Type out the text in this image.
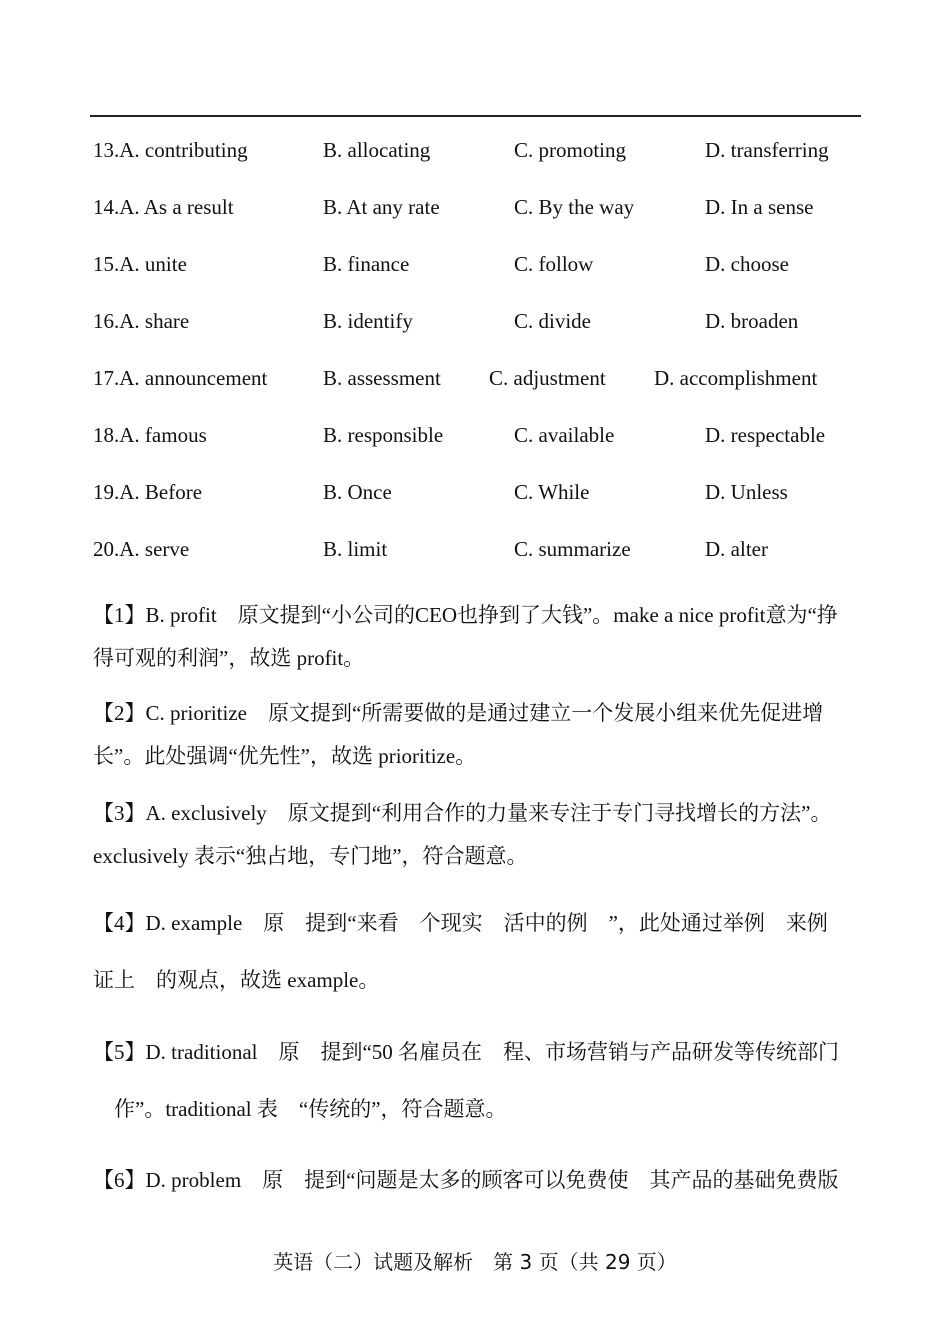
13.A. contributing	B. allocating	C. promoting	D. transferring
14.A. As a result	B. At any rate	C. By the way	D. In a sense
15.A. unite	B. finance	C. follow	D. choose
16.A. share	B. identify	C. divide	D. broaden
17.A. announcement	B. assessment C. adjustment D. accomplishment
18.A. famous	B. responsible	C. available	D. respectable
19.A. Before	B. Once	C. While	D. Unless
20.A. serve	B. limit	C. summarize	D. alter
【1】B. profit　原文提到“小公司的CEO也挣到了大钱”。make a nice profit意为“挣
得可观的利润”，故选 profit。
【2】C. prioritize　原文提到“所需要做的是通过建立一个发展小组来优先促进增
长”。此处强调“优先性”，故选 prioritize。
【3】A. exclusively　原文提到“利用合作的力量来专注于专门寻找增长的方法”。
exclusively 表示“独占地，专门地”，符合题意。
【4】D. example　原　提到“来看　个现实　活中的例　”，此处通过举例　来例
证上　的观点，故选 example。
【5】D. traditional　原　提到“50 名雇员在　程、市场营销与产品研发等传统部门
　作”。traditional 表　“传统的”，符合题意。
【6】D. problem　原　提到“问题是太多的顾客可以免费使　其产品的基础免费版
英语（二）试题及解析　第 3 页（共 29 页）
